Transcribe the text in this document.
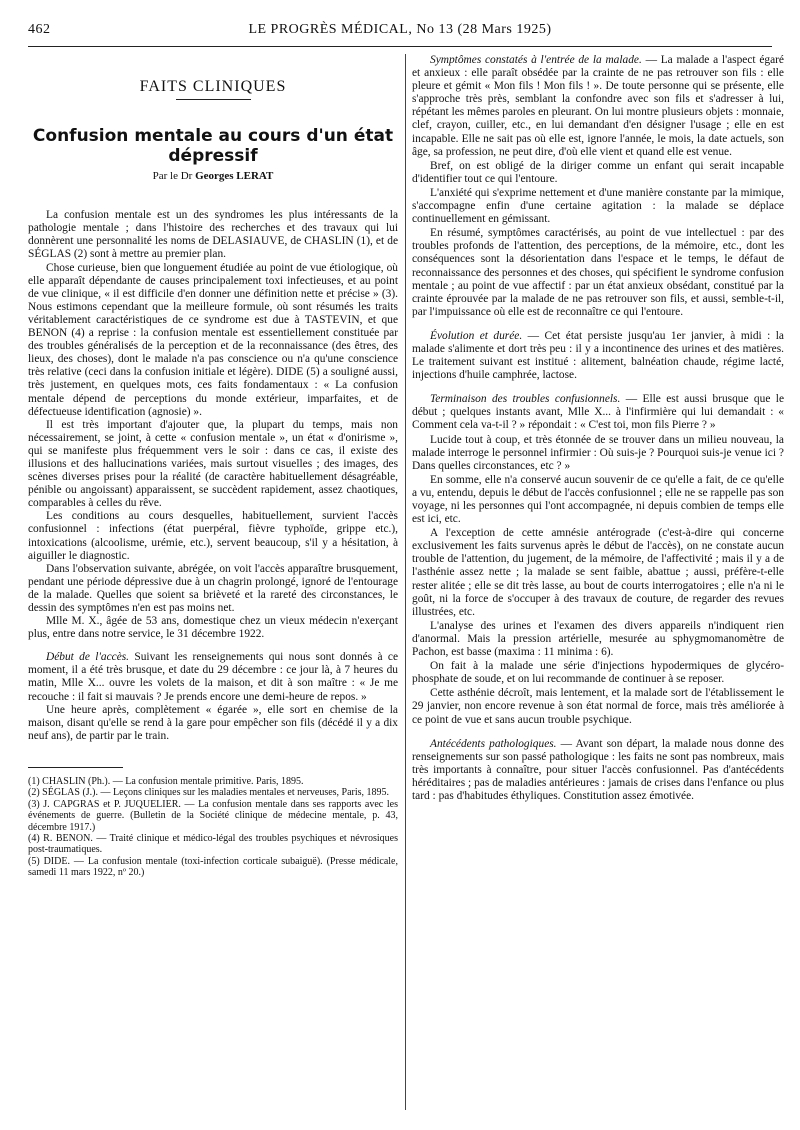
462	LE PROGRÈS MÉDICAL, No 13 (28 Mars 1925)
FAITS CLINIQUES
Confusion mentale au cours d'un état dépressif
Par le Dr Georges LERAT

La confusion mentale est un des syndromes les plus intéressants de la pathologie mentale ; dans l'histoire des recherches et des travaux qui lui donnèrent une personnalité les noms de DELASIAUVE, de CHASLIN (1), et de SÉGLAS (2) sont à mettre au premier plan.

Chose curieuse, bien que longuement étudiée au point de vue étiologique, où elle apparaît dépendante de causes principalement toxi infectieuses, et au point de vue clinique, « il est difficile d'en donner une définition nette et précise » (3). Nous estimons cependant que la meilleure formule, où sont résumés les traits véritablement caractéristiques de ce syndrome est due à TASTEVIN, et que BENON (4) a reprise : la confusion mentale est essentiellement constituée par des troubles généralisés de la perception et de la reconnaissance (des êtres, des lieux, des choses), dont le malade n'a pas conscience ou n'a qu'une conscience très relative (ceci dans la confusion initiale et légère). DIDE (5) a souligné aussi, très justement, en quelques mots, ces faits fondamentaux : « La confusion mentale dépend de perceptions du monde extérieur, imparfaites, et de défectueuse identification (agnosie) ».

Il est très important d'ajouter que, la plupart du temps, mais non nécessairement, se joint, à cette « confusion mentale », un état « d'onirisme », qui se manifeste plus fréquemment vers le soir : dans ce cas, il existe des illusions et des hallucinations variées, mais surtout visuelles ; des images, des scènes diverses prises pour la réalité (de caractère habituellement désagréable, pénible ou angoissant) apparaissent, se succèdent rapidement, assez chaotiques, comparables à celles du rêve.

Les conditions au cours desquelles, habituellement, survient l'accès confusionnel : infections (état puerpéral, fièvre typhoïde, grippe etc.), intoxications (alcoolisme, urémie, etc.), servent beaucoup, s'il y a hésitation, à aiguiller le diagnostic.

Dans l'observation suivante, abrégée, on voit l'accès apparaître brusquement, pendant une période dépressive due à un chagrin prolongé, ignoré de l'entourage de la malade. Quelles que soient sa brièveté et la rareté des circonstances, le dessin des symptômes n'en est pas moins net.

Mlle M. X., âgée de 53 ans, domestique chez un vieux médecin n'exerçant plus, entre dans notre service, le 31 décembre 1922.

Début de l'accès. Suivant les renseignements qui nous sont donnés à ce moment, il a été très brusque, et date du 29 décembre : ce jour là, à 7 heures du matin, Mlle X... ouvre les volets de la maison, et dit à son maître : « Je me recouche : il fait si mauvais ? Je prends encore une demi-heure de repos. »

Une heure après, complètement « égarée », elle sort en chemise de la maison, disant qu'elle se rend à la gare pour empêcher son fils (décédé il y a dix neuf ans), de partir par le train.

(1) CHASLIN (Ph.). — La confusion mentale primitive. Paris, 1895.

(2) SÉGLAS (J.). — Leçons cliniques sur les maladies mentales et nerveuses, Paris, 1895.

(3) J. CAPGRAS et P. JUQUELIER. — La confusion mentale dans ses rapports avec les événements de guerre. (Bulletin de la Société clinique de médecine mentale, p. 43, décembre 1917.)

(4) R. BENON. — Traité clinique et médico-légal des troubles psychiques et névrosiques post-traumatiques.

(5) DIDE. — La confusion mentale (toxi-infection corticale subaiguë). (Presse médicale, samedi 11 mars 1922, nº 20.)

Symptômes constatés à l'entrée de la malade. — La malade a l'aspect égaré et anxieux : elle paraît obsédée par la crainte de ne pas retrouver son fils : elle pleure et gémit « Mon fils ! Mon fils ! ». De toute personne qui se présente, elle s'approche très près, semblant la confondre avec son fils et s'adresser à lui, répétant les mêmes paroles en pleurant. On lui montre plusieurs objets : monnaie, clef, crayon, cuiller, etc., en lui demandant d'en désigner l'usage ; elle en est incapable. Elle ne sait pas où elle est, ignore l'année, le mois, la date actuels, son âge, sa profession, ne peut dire, d'où elle vient et quand elle est venue.

Bref, on est obligé de la diriger comme un enfant qui serait incapable d'identifier tout ce qui l'entoure.

L'anxiété qui s'exprime nettement et d'une manière constante par la mimique, s'accompagne enfin d'une certaine agitation : la malade se déplace continuellement en gémissant.

En résumé, symptômes caractérisés, au point de vue intellectuel : par des troubles profonds de l'attention, des perceptions, de la mémoire, etc., dont les conséquences sont la désorientation dans l'espace et le temps, le défaut de reconnaissance des personnes et des choses, qui spécifient le syndrome confusion mentale ; au point de vue affectif : par un état anxieux obsédant, constitué par la crainte éprouvée par la malade de ne pas retrouver son fils, et aussi, semble-t-il, par l'impuissance où elle est de reconnaître ce qui l'entoure.

Évolution et durée. — Cet état persiste jusqu'au 1er janvier, à midi : la malade s'alimente et dort très peu : il y a incontinence des urines et des matières. Le traitement suivant est institué : alitement, balnéation chaude, régime lacté, injections d'huile camphrée, lactose.

Terminaison des troubles confusionnels. — Elle est aussi brusque que le début ; quelques instants avant, Mlle X... à l'infirmière qui lui demandait : « Comment cela va-t-il ? » répondait : « C'est toi, mon fils Pierre ? »

Lucide tout à coup, et très étonnée de se trouver dans un milieu nouveau, la malade interroge le personnel infirmier : Où suis-je ? Pourquoi suis-je venue ici ? Dans quelles circonstances, etc ? »

En somme, elle n'a conservé aucun souvenir de ce qu'elle a fait, de ce qu'elle a vu, entendu, depuis le début de l'accès confusionnel ; elle ne se rappelle pas son voyage, ni les personnes qui l'ont accompagnée, ni depuis combien de temps elle est ici, etc.

A l'exception de cette amnésie antérograde (c'est-à-dire qui concerne exclusivement les faits survenus après le début de l'accès), on ne constate aucun trouble de l'attention, du jugement, de la mémoire, de l'affectivité ; mais il y a de l'asthénie assez nette ; la malade se sent faible, abattue ; aussi, préfère-t-elle rester alitée ; elle se dit très lasse, au bout de courts interrogatoires ; elle n'a ni le goût, ni la force de s'occuper à des travaux de couture, de regarder des revues illustrées, etc.

L'analyse des urines et l'examen des divers appareils n'indiquent rien d'anormal. Mais la pression artérielle, mesurée au sphygmomanomètre de Pachon, est basse (maxima : 11 minima : 6).

On fait à la malade une série d'injections hypodermiques de glycéro-phosphate de soude, et on lui recommande de continuer à se reposer.

Cette asthénie décroît, mais lentement, et la malade sort de l'établissement le 29 janvier, non encore revenue à son état normal de force, mais très améliorée à ce point de vue et sans aucun trouble psychique.

Antécédents pathologiques. — Avant son départ, la malade nous donne des renseignements sur son passé pathologique : les faits ne sont pas nombreux, mais très importants à connaître, pour situer l'accès confusionnel. Pas d'antécédents héréditaires ; pas de maladies antérieures : jamais de crises dans l'enfance ou plus tard : pas d'habitudes éthyliques. Constitution assez émotivée.
